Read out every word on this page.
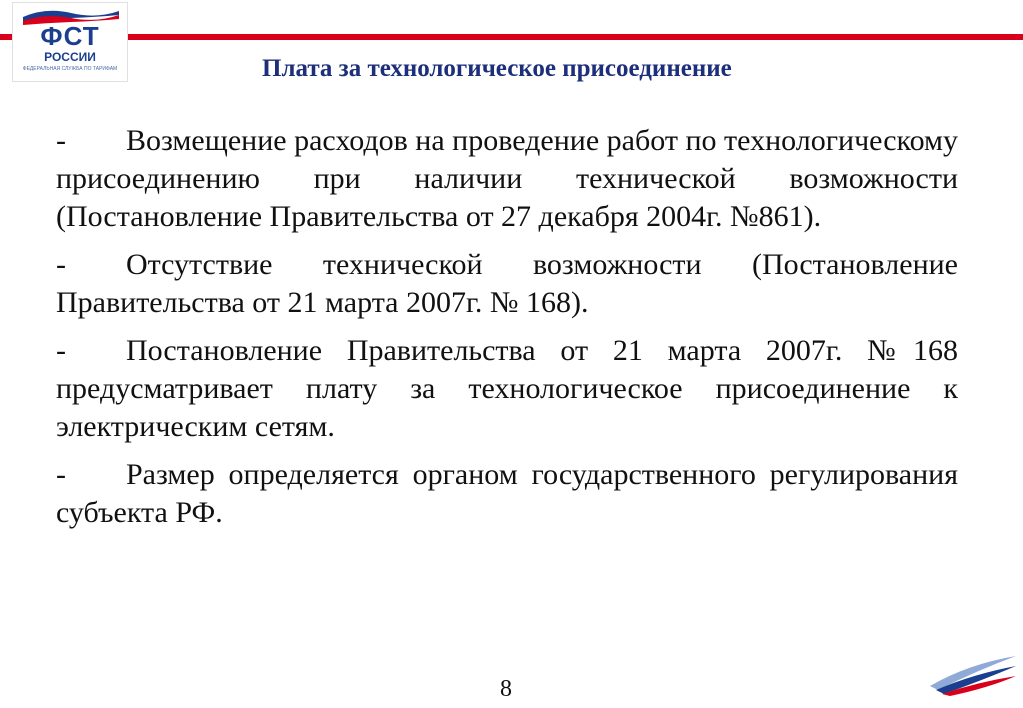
ФСТ
РОССИИ
ФЕДЕРАЛЬНАЯ СЛУЖБА ПО ТАРИФАМ	Плата за технологическое присоединение

- Возмещение расходов на проведение работ по технологическому присоединению при наличии технической возможности (Постановление Правительства от 27 декабря 2004г. №861).

- Отсутствие технической возможности (Постановление Правительства от 21 марта 2007г. № 168).

- Постановление Правительства от 21 марта 2007г. №168 предусматривает плату за технологическое присоединение к электрическим сетям.

- Размер определяется органом государственного регулирования субъекта РФ.

8
